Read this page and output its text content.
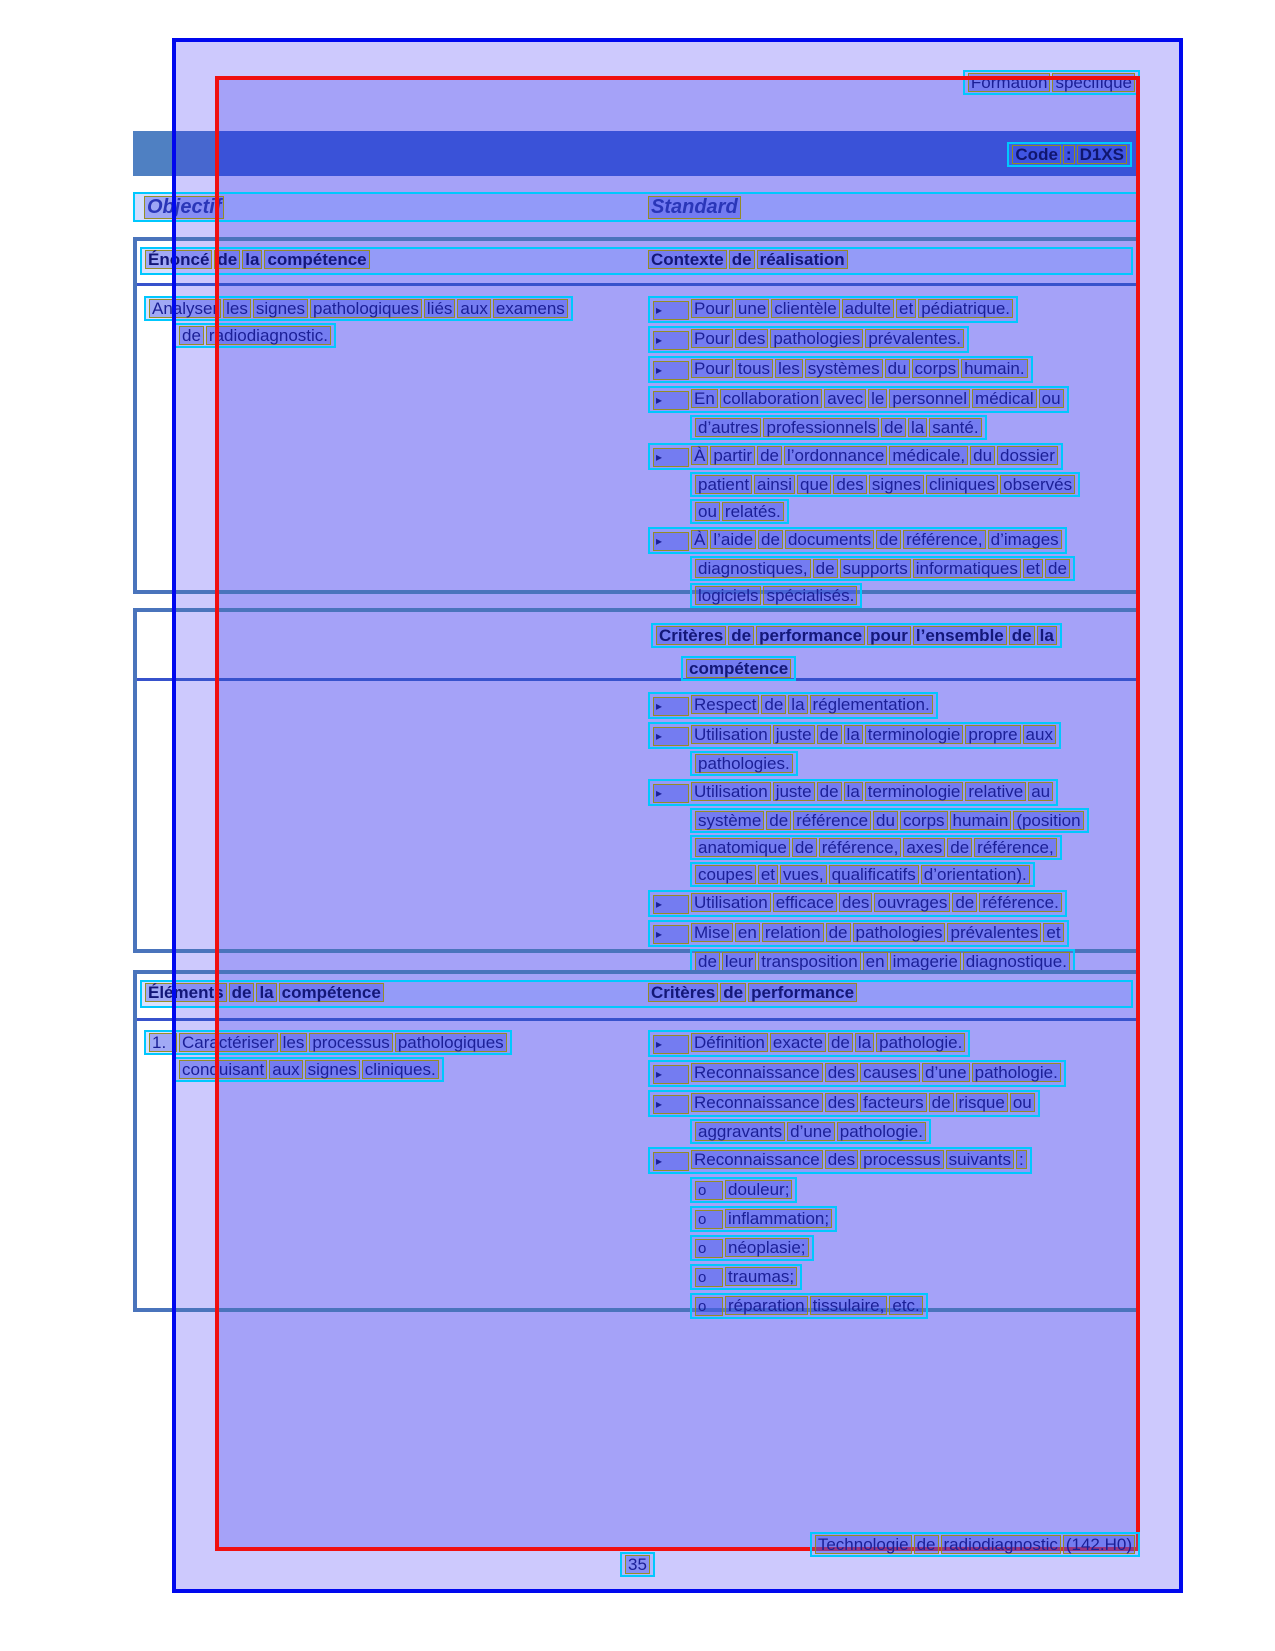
Formation spécifique
Code : D1XS
Objectif	Standard
Énoncé de la compétence	Contexte de réalisation
Analyser les signes pathologiques liés aux examens
de radiodiagnostic.
▸ Pour une clientèle adulte et pédiatrique.
▸ Pour des pathologies prévalentes.
▸ Pour tous les systèmes du corps humain.
▸ En collaboration avec le personnel médical ou
d’autres professionnels de la santé.
▸ À partir de l’ordonnance médicale, du dossier
patient ainsi que des signes cliniques observés
ou relatés.
▸ À l’aide de documents de référence, d’images
diagnostiques, de supports informatiques et de
logiciels spécialisés.
Critères de performance pour l’ensemble de la
compétence
▸ Respect de la réglementation.
▸ Utilisation juste de la terminologie propre aux
pathologies.
▸ Utilisation juste de la terminologie relative au
système de référence du corps humain (position
anatomique de référence, axes de référence,
coupes et vues, qualificatifs d’orientation).
▸ Utilisation efficace des ouvrages de référence.
▸ Mise en relation de pathologies prévalentes et
de leur transposition en imagerie diagnostique.
Éléments de la compétence	Critères de performance
1. Caractériser les processus pathologiques
conduisant aux signes cliniques.
▸ Définition exacte de la pathologie.
▸ Reconnaissance des causes d’une pathologie.
▸ Reconnaissance des facteurs de risque ou
aggravants d’une pathologie.
▸ Reconnaissance des processus suivants :
o douleur;
o inflammation;
o néoplasie;
o traumas;
o réparation tissulaire, etc.
Technologie de radiodiagnostic (142.H0)
35
